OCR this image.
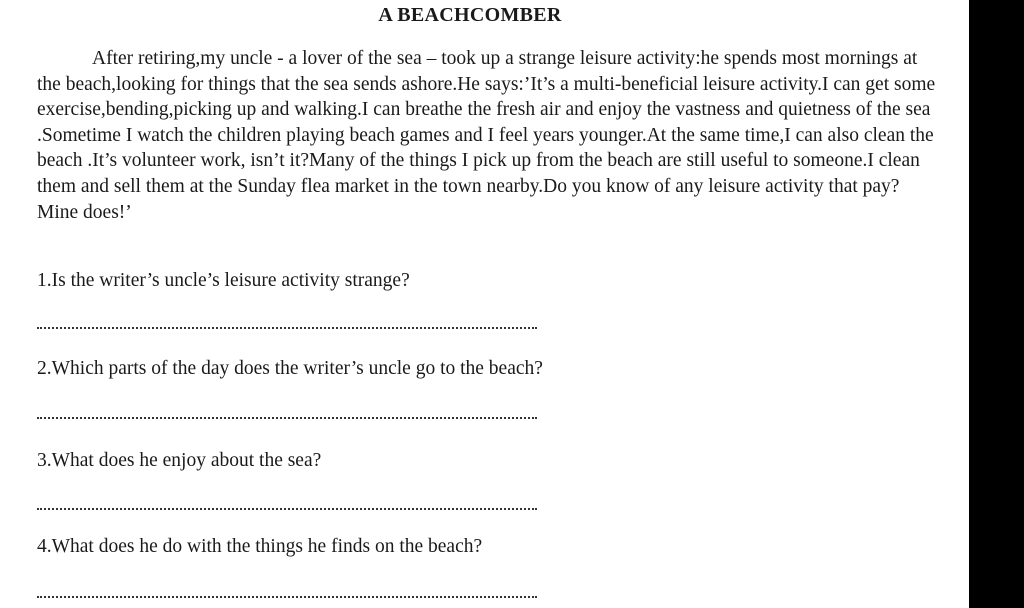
A BEACHCOMBER

After retiring,my uncle - a lover of the sea – took up a strange leisure activity:he spends most mornings at the beach,looking for things that the sea sends ashore.He says:’It’s a multi-beneficial leisure activity.I can get some exercise,bending,picking up and walking.I can breathe the fresh air and enjoy the vastness and quietness of the sea .Sometime I watch the children playing beach games and I feel years younger.At the same time,I can also clean the beach .It’s volunteer work, isn’t it?Many of the things I pick up from the beach are still useful to someone.I clean them and sell them at the Sunday flea market in the town nearby.Do you know of any leisure activity that pay?Mine does!’

1.Is the writer’s uncle’s leisure activity strange?

2.Which parts of the day does the writer’s uncle go to the beach?

3.What does he enjoy about the sea?

4.What does he do with the things he finds on the beach?
